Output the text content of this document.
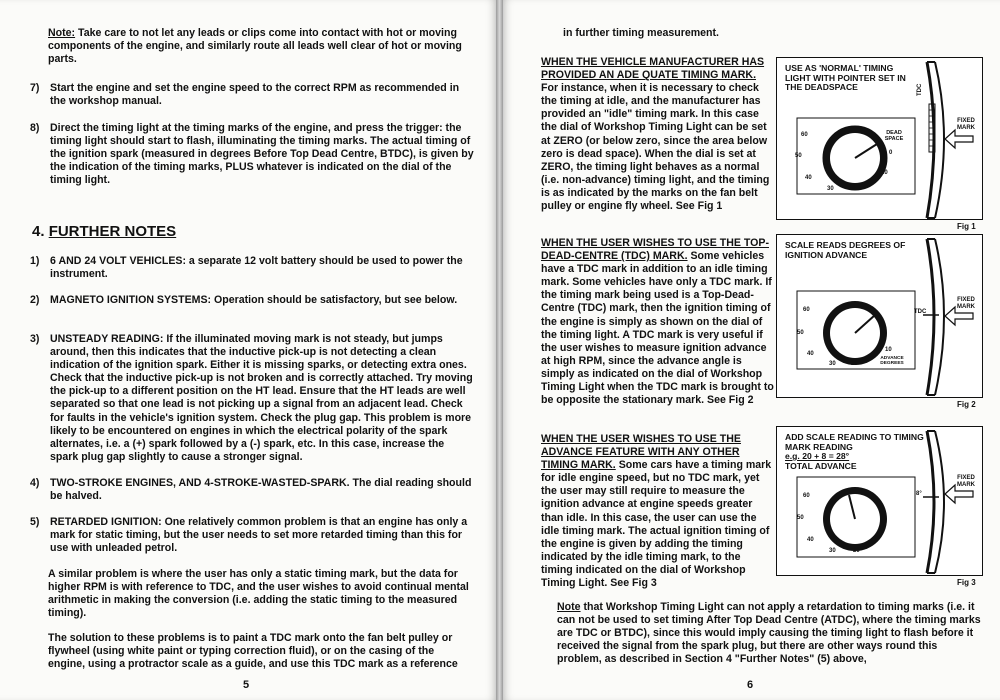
Note: Take care to not let any leads or clips come into contact with hot or moving components of the engine, and similarly route all leads well clear of hot or moving parts.
7) Start the engine and set the engine speed to the correct RPM as recommended in the workshop manual.
8) Direct the timing light at the timing marks of the engine, and press the trigger: the timing light should start to flash, illuminating the timing marks. The actual timing of the ignition spark (measured in degrees Before Top Dead Centre, BTDC), is given by the indication of the timing marks, PLUS whatever is indicated on the dial of the timing light.
4. FURTHER NOTES
1) 6 AND 24 VOLT VEHICLES: a separate 12 volt battery should be used to power the instrument.
2) MAGNETO IGNITION SYSTEMS: Operation should be satisfactory, but see below.
3) UNSTEADY READING: If the illuminated moving mark is not steady, but jumps around, then this indicates that the inductive pick-up is not detecting a clean indication of the ignition spark. Either it is missing sparks, or detecting extra ones. Check that the inductive pick-up is not broken and is correctly attached. Try moving the pick-up to a different position on the HT lead. Ensure that the HT leads are well separated so that one lead is not picking up a signal from an adjacent lead. Check for faults in the vehicle's ignition system. Check the plug gap. This problem is more likely to be encountered on engines in which the electrical polarity of the spark alternates, i.e. a (+) spark followed by a (-) spark, etc. In this case, increase the spark plug gap slightly to cause a stronger signal.
4) TWO-STROKE ENGINES, AND 4-STROKE-WASTED-SPARK. The dial reading should be halved.
5) RETARDED IGNITION: One relatively common problem is that an engine has only a mark for static timing, but the user needs to set more retarded timing than this for use with unleaded petrol.
A similar problem is where the user has only a static timing mark, but the data for higher RPM is with reference to TDC, and the user wishes to avoid continual mental arithmetic in making the conversion (i.e. adding the static timing to the measured timing).
The solution to these problems is to paint a TDC mark onto the fan belt pulley or flywheel (using white paint or typing correction fluid), or on the casing of the engine, using a protractor scale as a guide, and use this TDC mark as a reference
5
in further timing measurement.
WHEN THE VEHICLE MANUFACTURER HAS PROVIDED AN ADE QUATE TIMING MARK. For instance, when it is necessary to check the timing at idle, and the manufacturer has provided an "idle" timing mark. In this case the dial of Workshop Timing Light can be set at ZERO (or below zero, since the area below zero is dead space). When the dial is set at ZERO, the timing light behaves as a normal (i.e. non-advance) timing light, and the timing is as indicated by the marks on the fan belt pulley or engine fly wheel. See Fig 1
WHEN THE USER WISHES TO USE THE TOP-DEAD-CENTRE (TDC) MARK. Some vehicles have a TDC mark in addition to an idle timing mark. Some vehicles have only a TDC mark. If the timing mark being used is a Top-Dead-Centre (TDC) mark, then the ignition timing of the engine is simply as shown on the dial of the timing light. A TDC mark is very useful if the user wishes to measure ignition advance at high RPM, since the advance angle is simply as indicated on the dial of Workshop Timing Light when the TDC mark is brought to be opposite the stationary mark. See Fig 2
WHEN THE USER WISHES TO USE THE ADVANCE FEATURE WITH ANY OTHER TIMING MARK. Some cars have a timing mark for idle engine speed, but no TDC mark, yet the user may still require to measure the ignition advance at engine speeds greater than idle. In this case, the user can use the idle timing mark. The actual ignition timing of the engine is given by adding the timing indicated by the idle timing mark, to the timing indicated on the dial of Workshop Timing Light. See Fig 3
USE AS 'NORMAL' TIMING LIGHT WITH POINTER SET IN THE DEADSPACE
60
50
40
30	20
10
0
DEAD SPACE
TDC
FIXED MARK
Fig 1
SCALE READS DEGREES OF IGNITION ADVANCE
60
50
40
30	20
10
ADVANCE DEGREES
TDC
FIXED MARK
Fig 2
ADD SCALE READING TO TIMING MARK READING
e.g. 20 + 8 = 28°
TOTAL ADVANCE
60
50
40
30	20
8°
FIXED MARK
Fig 3
Note that Workshop Timing Light can not apply a retardation to timing marks (i.e. it can not be used to set timing After Top Dead Centre (ATDC), where the timing marks are TDC or BTDC), since this would imply causing the timing light to flash before it received the signal from the spark plug, but there are other ways round this problem, as described in Section 4 "Further Notes" (5) above,
6
